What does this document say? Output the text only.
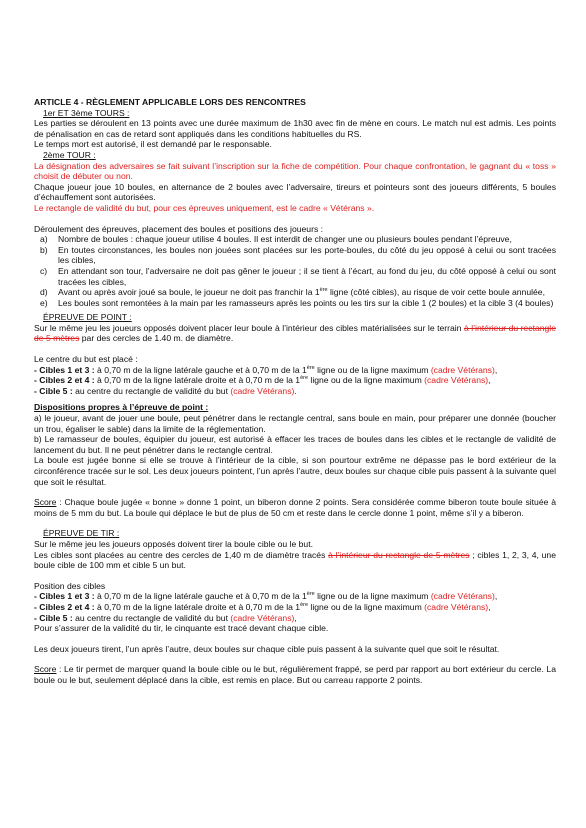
ARTICLE 4 - RÈGLEMENT APPLICABLE LORS DES RENCONTRES

1er ET 3ème TOURS :

Les parties se déroulent en 13 points avec une durée maximum de 1h30 avec fin de mène en cours. Le match nul est admis. Les points de pénalisation en cas de retard sont appliqués dans les conditions habituelles du RS.

Le temps mort est autorisé, il est demandé par le responsable.

2ème TOUR :

La désignation des adversaires se fait suivant l’inscription sur la fiche de compétition. Pour chaque confrontation, le gagnant du « toss » choisit de débuter ou non.

Chaque joueur joue 10 boules, en alternance de 2 boules avec l’adversaire, tireurs et pointeurs sont des joueurs différents, 5 boules d’échauffement sont autorisées.

Le rectangle de validité du but, pour ces épreuves uniquement, est le cadre « Vétérans ».

Déroulement des épreuves, placement des boules et positions des joueurs :

a)	Nombre de boules : chaque joueur utilise 4 boules. Il est interdit de changer une ou plusieurs boules pendant l’épreuve,
b)	En toutes circonstances, les boules non jouées sont placées sur les porte-boules, du côté du jeu opposé à celui ou sont tracées les cibles,
c)	En attendant son tour, l’adversaire ne doit pas gêner le joueur ; il se tient à l’écart, au fond du jeu, du côté opposé à celui ou sont tracées les cibles,
d)	Avant ou après avoir joué sa boule, le joueur ne doit pas franchir la 1ère ligne (côté cibles), au risque de voir cette boule annulée,
e)	Les boules sont remontées à la main par les ramasseurs après les points ou les tirs sur la cible 1 (2 boules) et la cible 3 (4 boules)

ÉPREUVE DE POINT :

Sur le même jeu les joueurs opposés doivent placer leur boule à l’intérieur des cibles matérialisées sur le terrain à l’intérieur du rectangle de 5 mètres par des cercles de 1.40 m. de diamètre.

Le centre du but est placé :

- Cibles 1 et 3 : à 0,70 m de la ligne latérale gauche et à 0,70 m de la 1ère ligne ou de la ligne maximum (cadre Vétérans),

- Cibles 2 et 4 : à 0,70 m de la ligne latérale droite et à 0,70 m de la 1ère ligne ou de la ligne maximum (cadre Vétérans),

- Cible 5 : au centre du rectangle de validité du but (cadre Vétérans).

Dispositions propres à l’épreuve de point :

a) le joueur, avant de jouer une boule, peut pénétrer dans le rectangle central, sans boule en main, pour préparer une donnée (boucher un trou, égaliser le sable) dans la limite de la réglementation.

b) Le ramasseur de boules, équipier du joueur, est autorisé à effacer les traces de boules dans les cibles et le rectangle de validité de lancement du but. Il ne peut pénétrer dans le rectangle central.

La boule est jugée bonne si elle se trouve à l’intérieur de la cible, si son pourtour extrême ne dépasse pas le bord extérieur de la circonférence tracée sur le sol. Les deux joueurs pointent, l’un après l’autre, deux boules sur chaque cible puis passent à la suivante quel que soit le résultat.

Score : Chaque boule jugée « bonne » donne 1 point, un biberon donne 2 points. Sera considérée comme biberon toute boule située à moins de 5 mm du but. La boule qui déplace le but de plus de 50 cm et reste dans le cercle donne 1 point, même s’il y a biberon.

ÉPREUVE DE TIR :

Sur le même jeu les joueurs opposés doivent tirer la boule cible ou le but.

Les cibles sont placées au centre des cercles de 1,40 m de diamètre tracés à l’intérieur du rectangle de 5 mètres ; cibles 1, 2, 3, 4, une boule cible de 100 mm et cible 5 un but.

Position des cibles

- Cibles 1 et 3 : à 0,70 m de la ligne latérale gauche et à 0,70 m de la 1ère ligne ou de la ligne maximum (cadre Vétérans),

- Cibles 2 et 4 : à 0,70 m de la ligne latérale droite et à 0,70 m de la 1ère ligne ou de la ligne maximum (cadre Vétérans),

- Cible 5 : au centre du rectangle de validité du but (cadre Vétérans),

Pour s’assurer de la validité du tir, le cinquante est tracé devant chaque cible.

Les deux joueurs tirent, l’un après l’autre, deux boules sur chaque cible puis passent à la suivante quel que soit le résultat.

Score : Le tir permet de marquer quand la boule cible ou le but, régulièrement frappé, se perd par rapport au bort extérieur du cercle. La boule ou le but, seulement déplacé dans la cible, est remis en place. But ou carreau rapporte 2 points.
